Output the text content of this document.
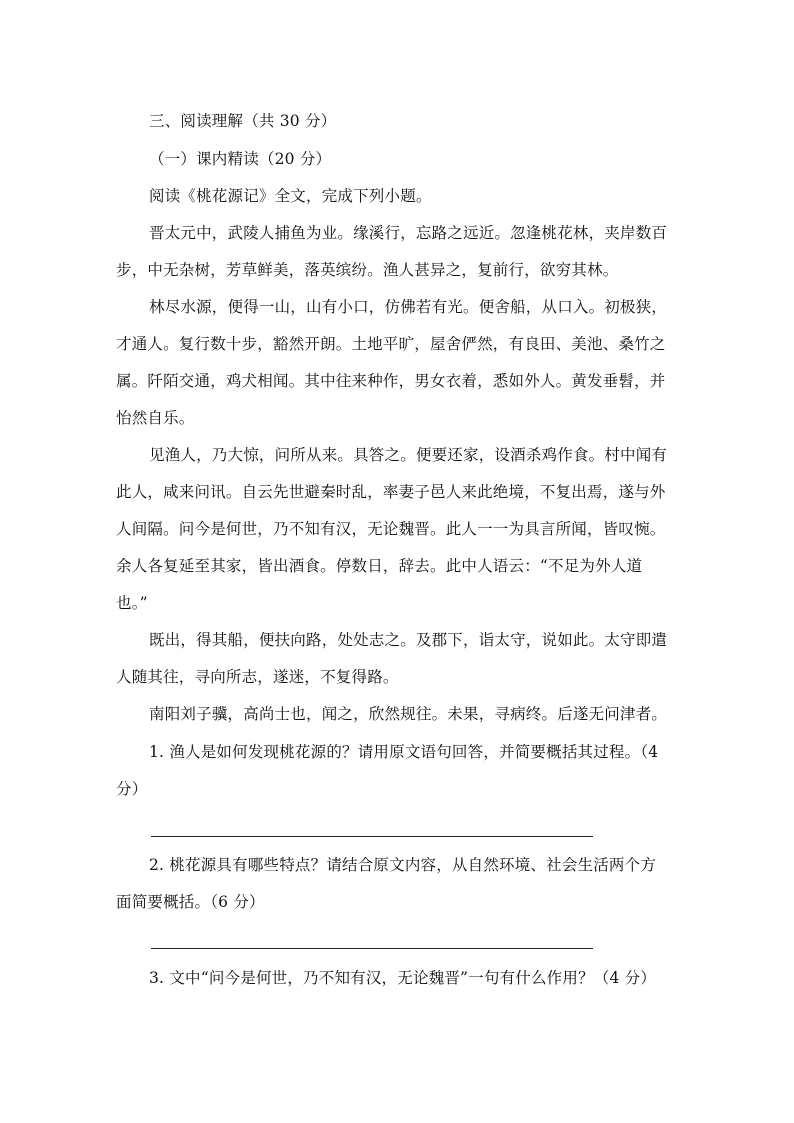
三、阅读理解（共 30 分）
（一）课内精读（20 分）
阅读《桃花源记》全文，完成下列小题。
晋太元中，武陵人捕鱼为业。缘溪行，忘路之远近。忽逢桃花林，夹岸数百
步，中无杂树，芳草鲜美，落英缤纷。渔人甚异之，复前行，欲穷其林。
林尽水源，便得一山，山有小口，仿佛若有光。便舍船，从口入。初极狭，
才通人。复行数十步，豁然开朗。土地平旷，屋舍俨然，有良田、美池、桑竹之
属。阡陌交通，鸡犬相闻。其中往来种作，男女衣着，悉如外人。黄发垂髫，并
怡然自乐。
见渔人，乃大惊，问所从来。具答之。便要还家，设酒杀鸡作食。村中闻有
此人，咸来问讯。自云先世避秦时乱，率妻子邑人来此绝境，不复出焉，遂与外
人间隔。问今是何世，乃不知有汉，无论魏晋。此人一一为具言所闻，皆叹惋。
余人各复延至其家，皆出酒食。停数日，辞去。此中人语云：“不足为外人道
也。”
既出，得其船，便扶向路，处处志之。及郡下，诣太守，说如此。太守即遣
人随其往，寻向所志，遂迷，不复得路。
南阳刘子骥，高尚士也，闻之，欣然规往。未果，寻病终。后遂无问津者。
1. 渔人是如何发现桃花源的？请用原文语句回答，并简要概括其过程。（4
分）
2. 桃花源具有哪些特点？请结合原文内容，从自然环境、社会生活两个方
面简要概括。（6 分）
3. 文中“问今是何世，乃不知有汉，无论魏晋”一句有什么作用？（4 分）
